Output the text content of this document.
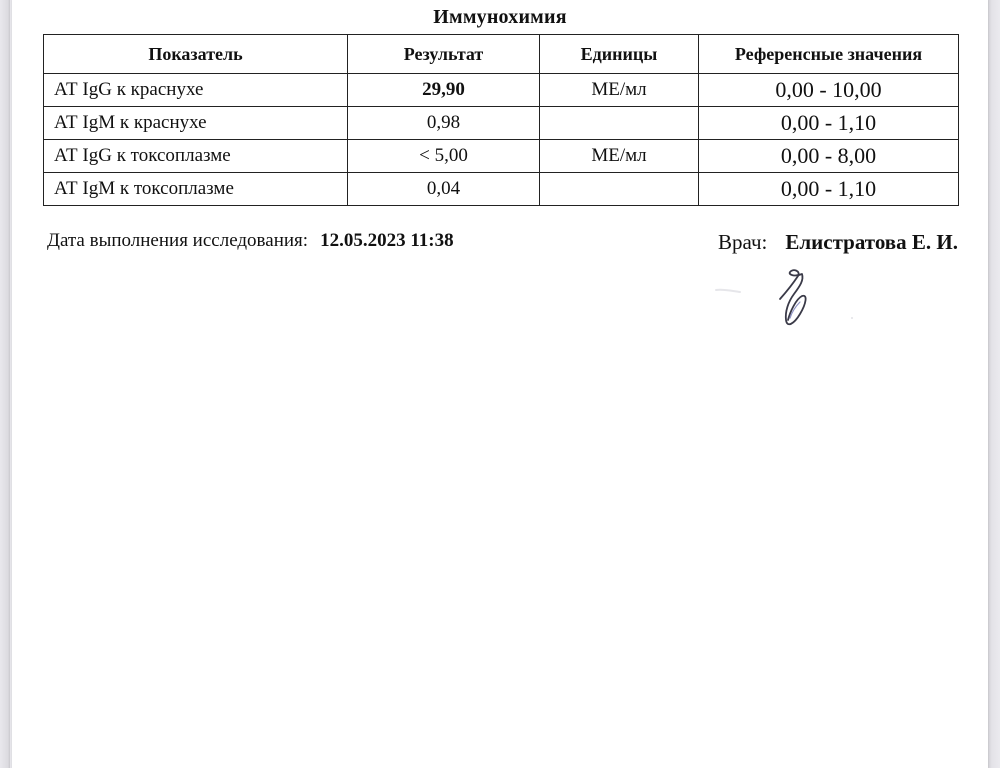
Иммунохимия
Показатель	Результат	Единицы	Референсные значения
АТ IgG к краснухе	29,90	МЕ/мл	0,00 - 10,00
АТ IgM к краснухе	0,98		0,00 - 1,10
АТ IgG к токсоплазме	< 5,00	МЕ/мл	0,00 - 8,00
АТ IgM к токсоплазме	0,04		0,00 - 1,10
Дата выполнения исследования: 12.05.2023 11:38	Врач: Елистратова Е. И.
